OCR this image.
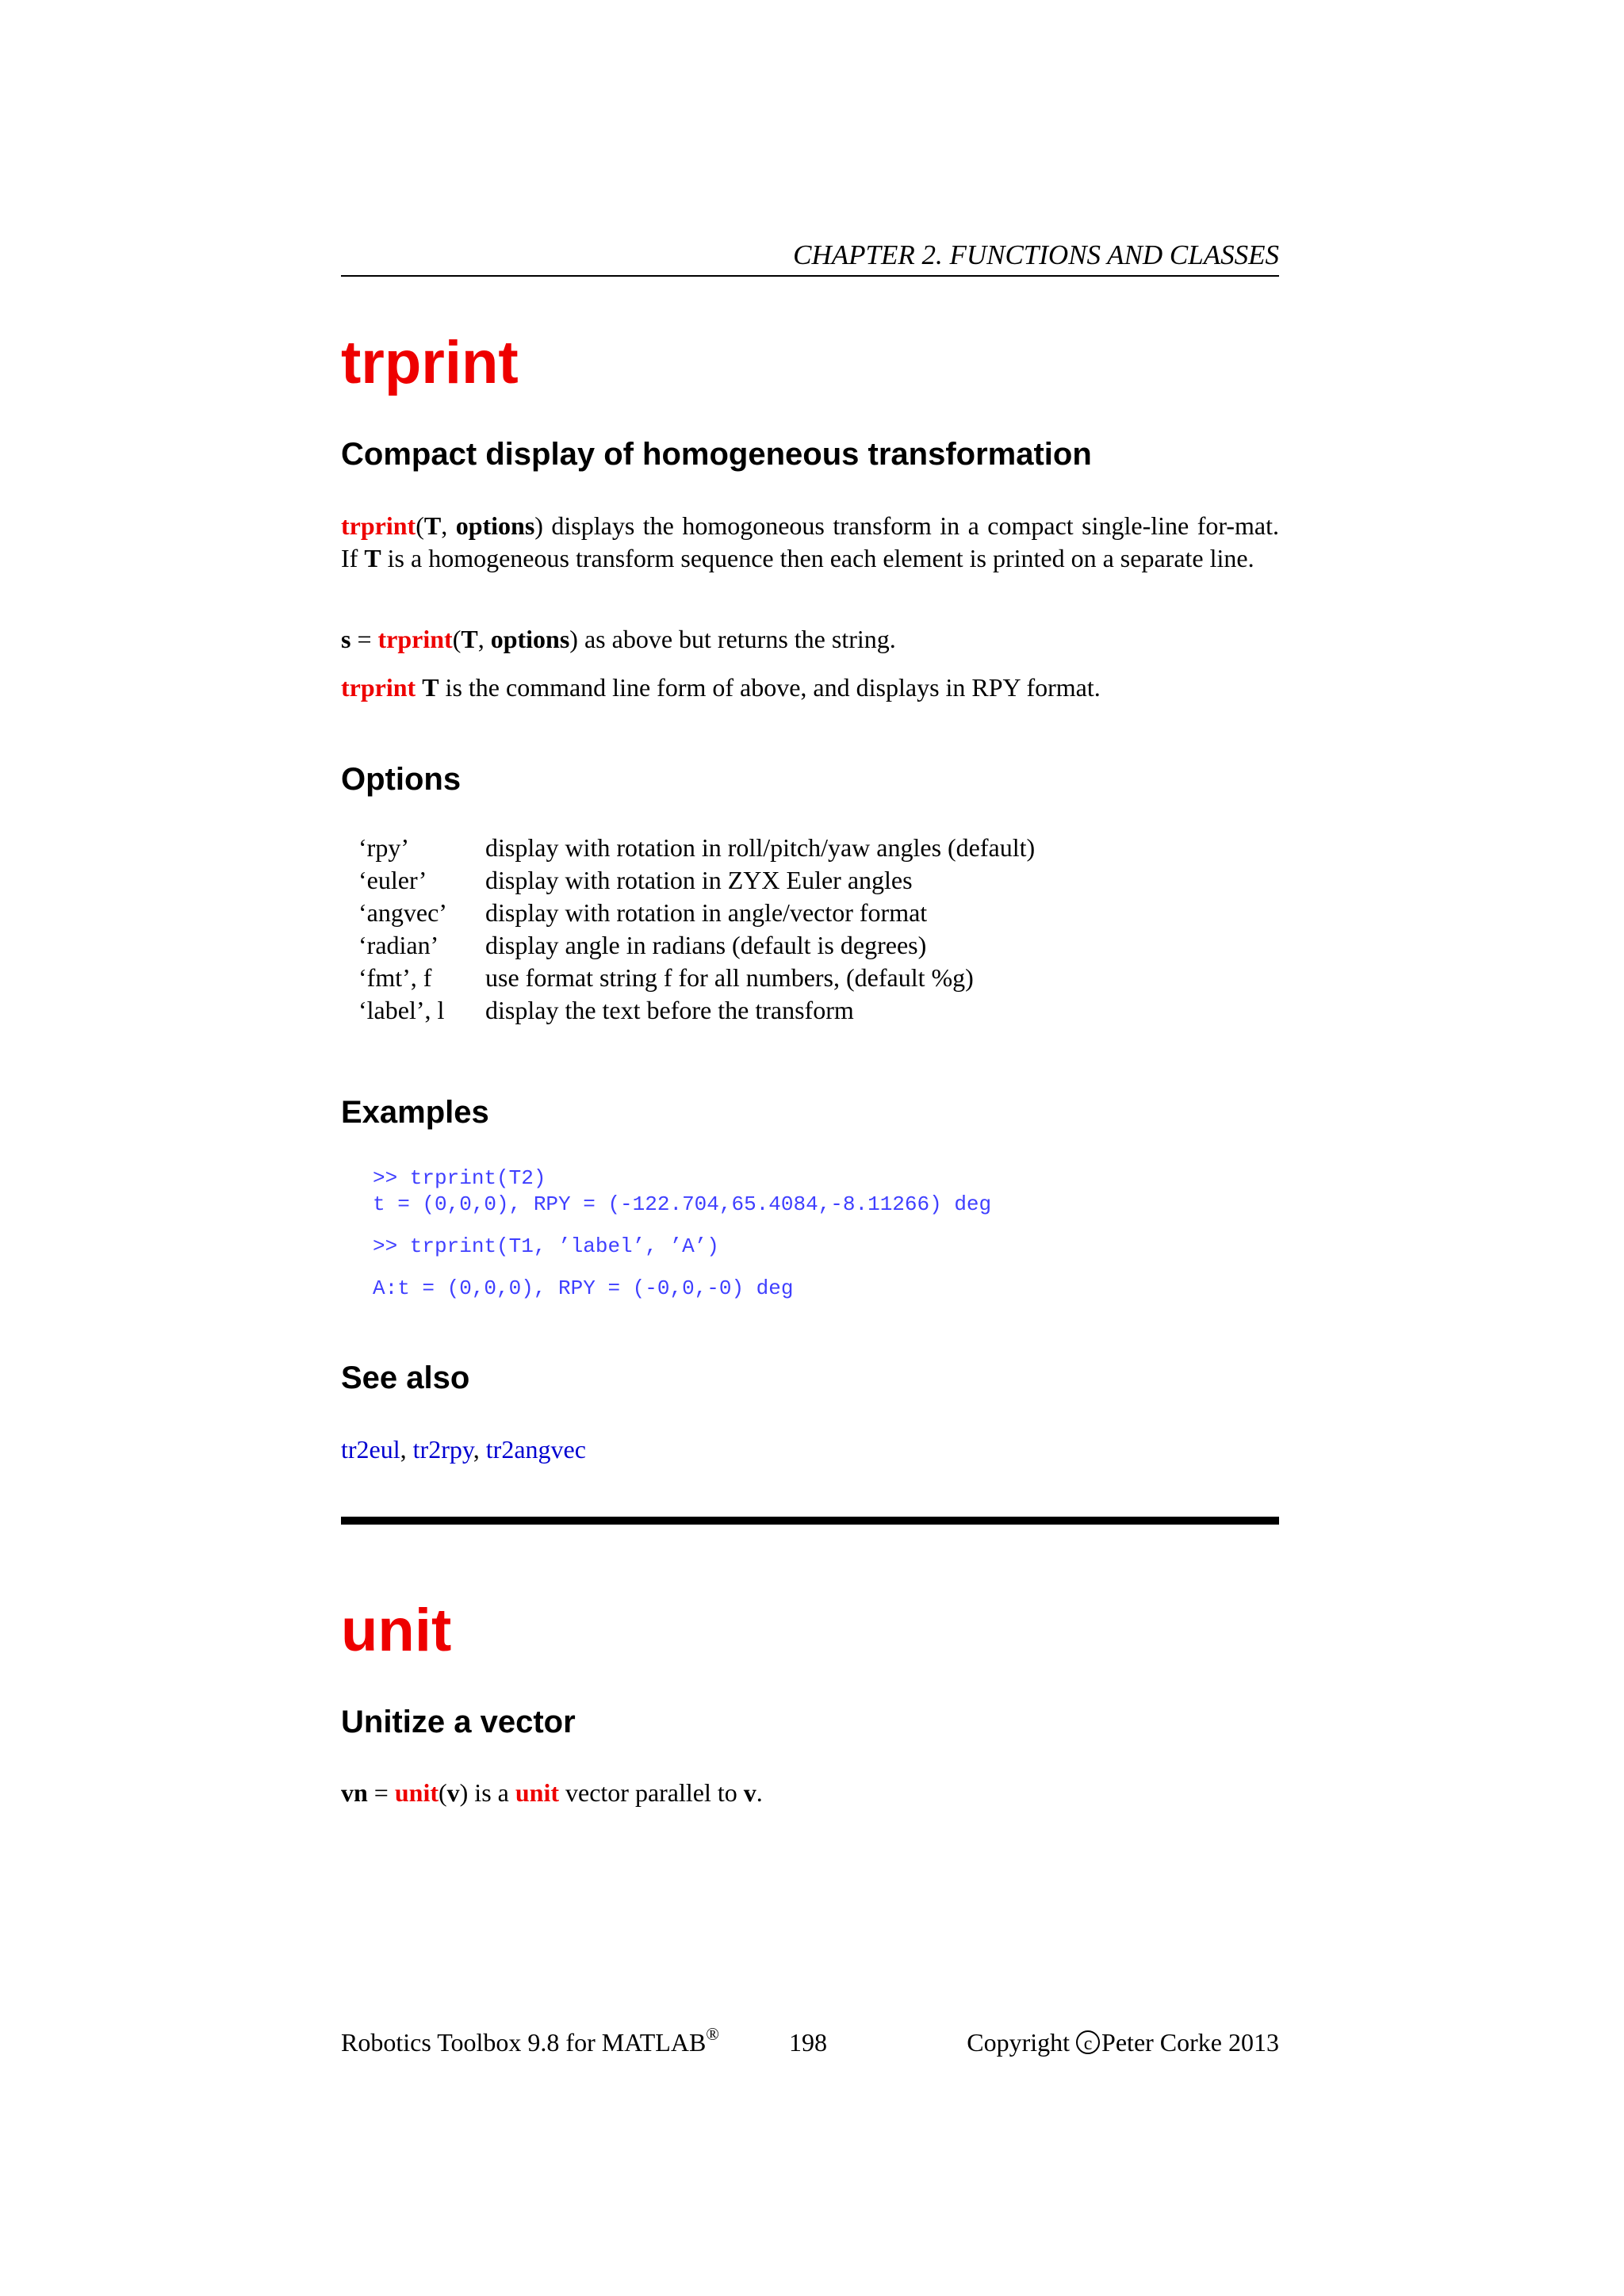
CHAPTER 2. FUNCTIONS AND CLASSES
trprint
Compact display of homogeneous transformation
trprint(T, options) displays the homogoneous transform in a compact single-line for-mat. If T is a homogeneous transform sequence then each element is printed on a separate line.
s = trprint(T, options) as above but returns the string.
trprint T is the command line form of above, and displays in RPY format.
Options
‘rpy’	display with rotation in roll/pitch/yaw angles (default)
‘euler’	display with rotation in ZYX Euler angles
‘angvec’	display with rotation in angle/vector format
‘radian’	display angle in radians (default is degrees)
‘fmt’, f	use format string f for all numbers, (default %g)
‘label’, l	display the text before the transform
Examples
>> trprint(T2)
t = (0,0,0), RPY = (-122.704,65.4084,-8.11266) deg
>> trprint(T1, ’label’, ’A’)
A:t = (0,0,0), RPY = (-0,0,-0) deg
See also
tr2eul, tr2rpy, tr2angvec
unit
Unitize a vector
vn = unit(v) is a unit vector parallel to v.
Robotics Toolbox 9.8 for MATLAB®	198	Copyright c Peter Corke 2013
